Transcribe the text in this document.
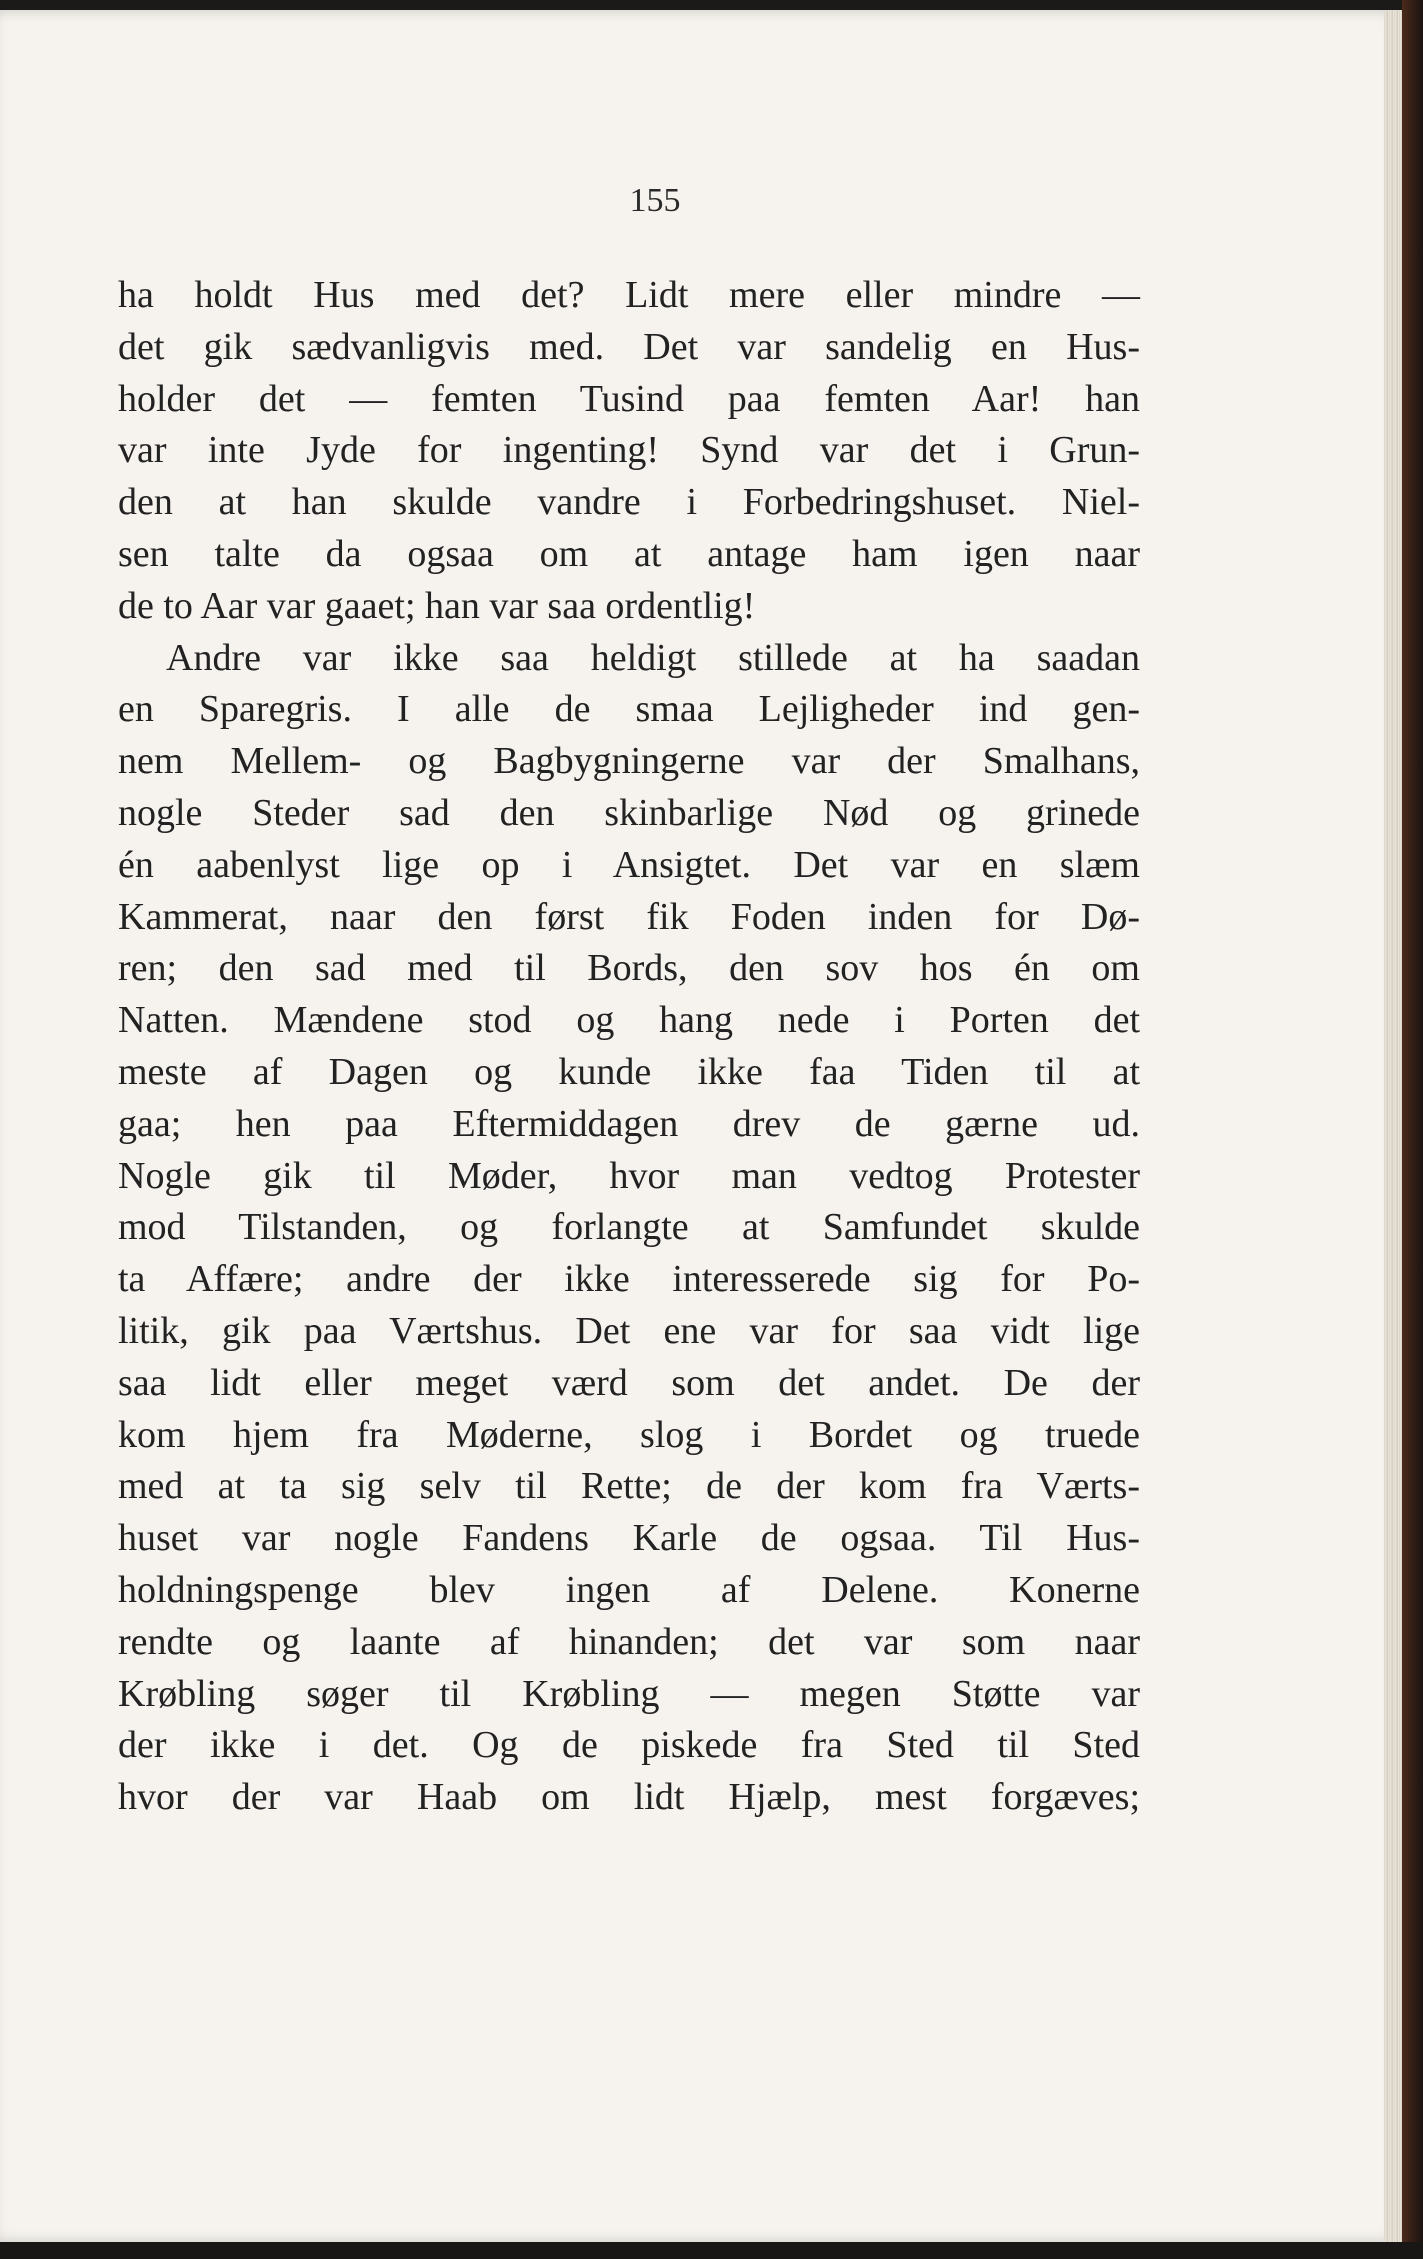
155
ha holdt Hus med det? Lidt mere eller mindre —
det gik sædvanligvis med. Det var sandelig en Hus-
holder det — femten Tusind paa femten Aar! han
var inte Jyde for ingenting! Synd var det i Grun-
den at han skulde vandre i Forbedringshuset. Niel-
sen talte da ogsaa om at antage ham igen naar
de to Aar var gaaet; han var saa ordentlig!
Andre var ikke saa heldigt stillede at ha saadan
en Sparegris. I alle de smaa Lejligheder ind gen-
nem Mellem- og Bagbygningerne var der Smalhans,
nogle Steder sad den skinbarlige Nød og grinede
én aabenlyst lige op i Ansigtet. Det var en slæm
Kammerat, naar den først fik Foden inden for Dø-
ren; den sad med til Bords, den sov hos én om
Natten. Mændene stod og hang nede i Porten det
meste af Dagen og kunde ikke faa Tiden til at
gaa; hen paa Eftermiddagen drev de gærne ud.
Nogle gik til Møder, hvor man vedtog Protester
mod Tilstanden, og forlangte at Samfundet skulde
ta Affære; andre der ikke interesserede sig for Po-
litik, gik paa Værtshus. Det ene var for saa vidt lige
saa lidt eller meget værd som det andet. De der
kom hjem fra Møderne, slog i Bordet og truede
med at ta sig selv til Rette; de der kom fra Værts-
huset var nogle Fandens Karle de ogsaa. Til Hus-
holdningspenge blev ingen af Delene. Konerne
rendte og laante af hinanden; det var som naar
Krøbling søger til Krøbling — megen Støtte var
der ikke i det. Og de piskede fra Sted til Sted
hvor der var Haab om lidt Hjælp, mest forgæves;
